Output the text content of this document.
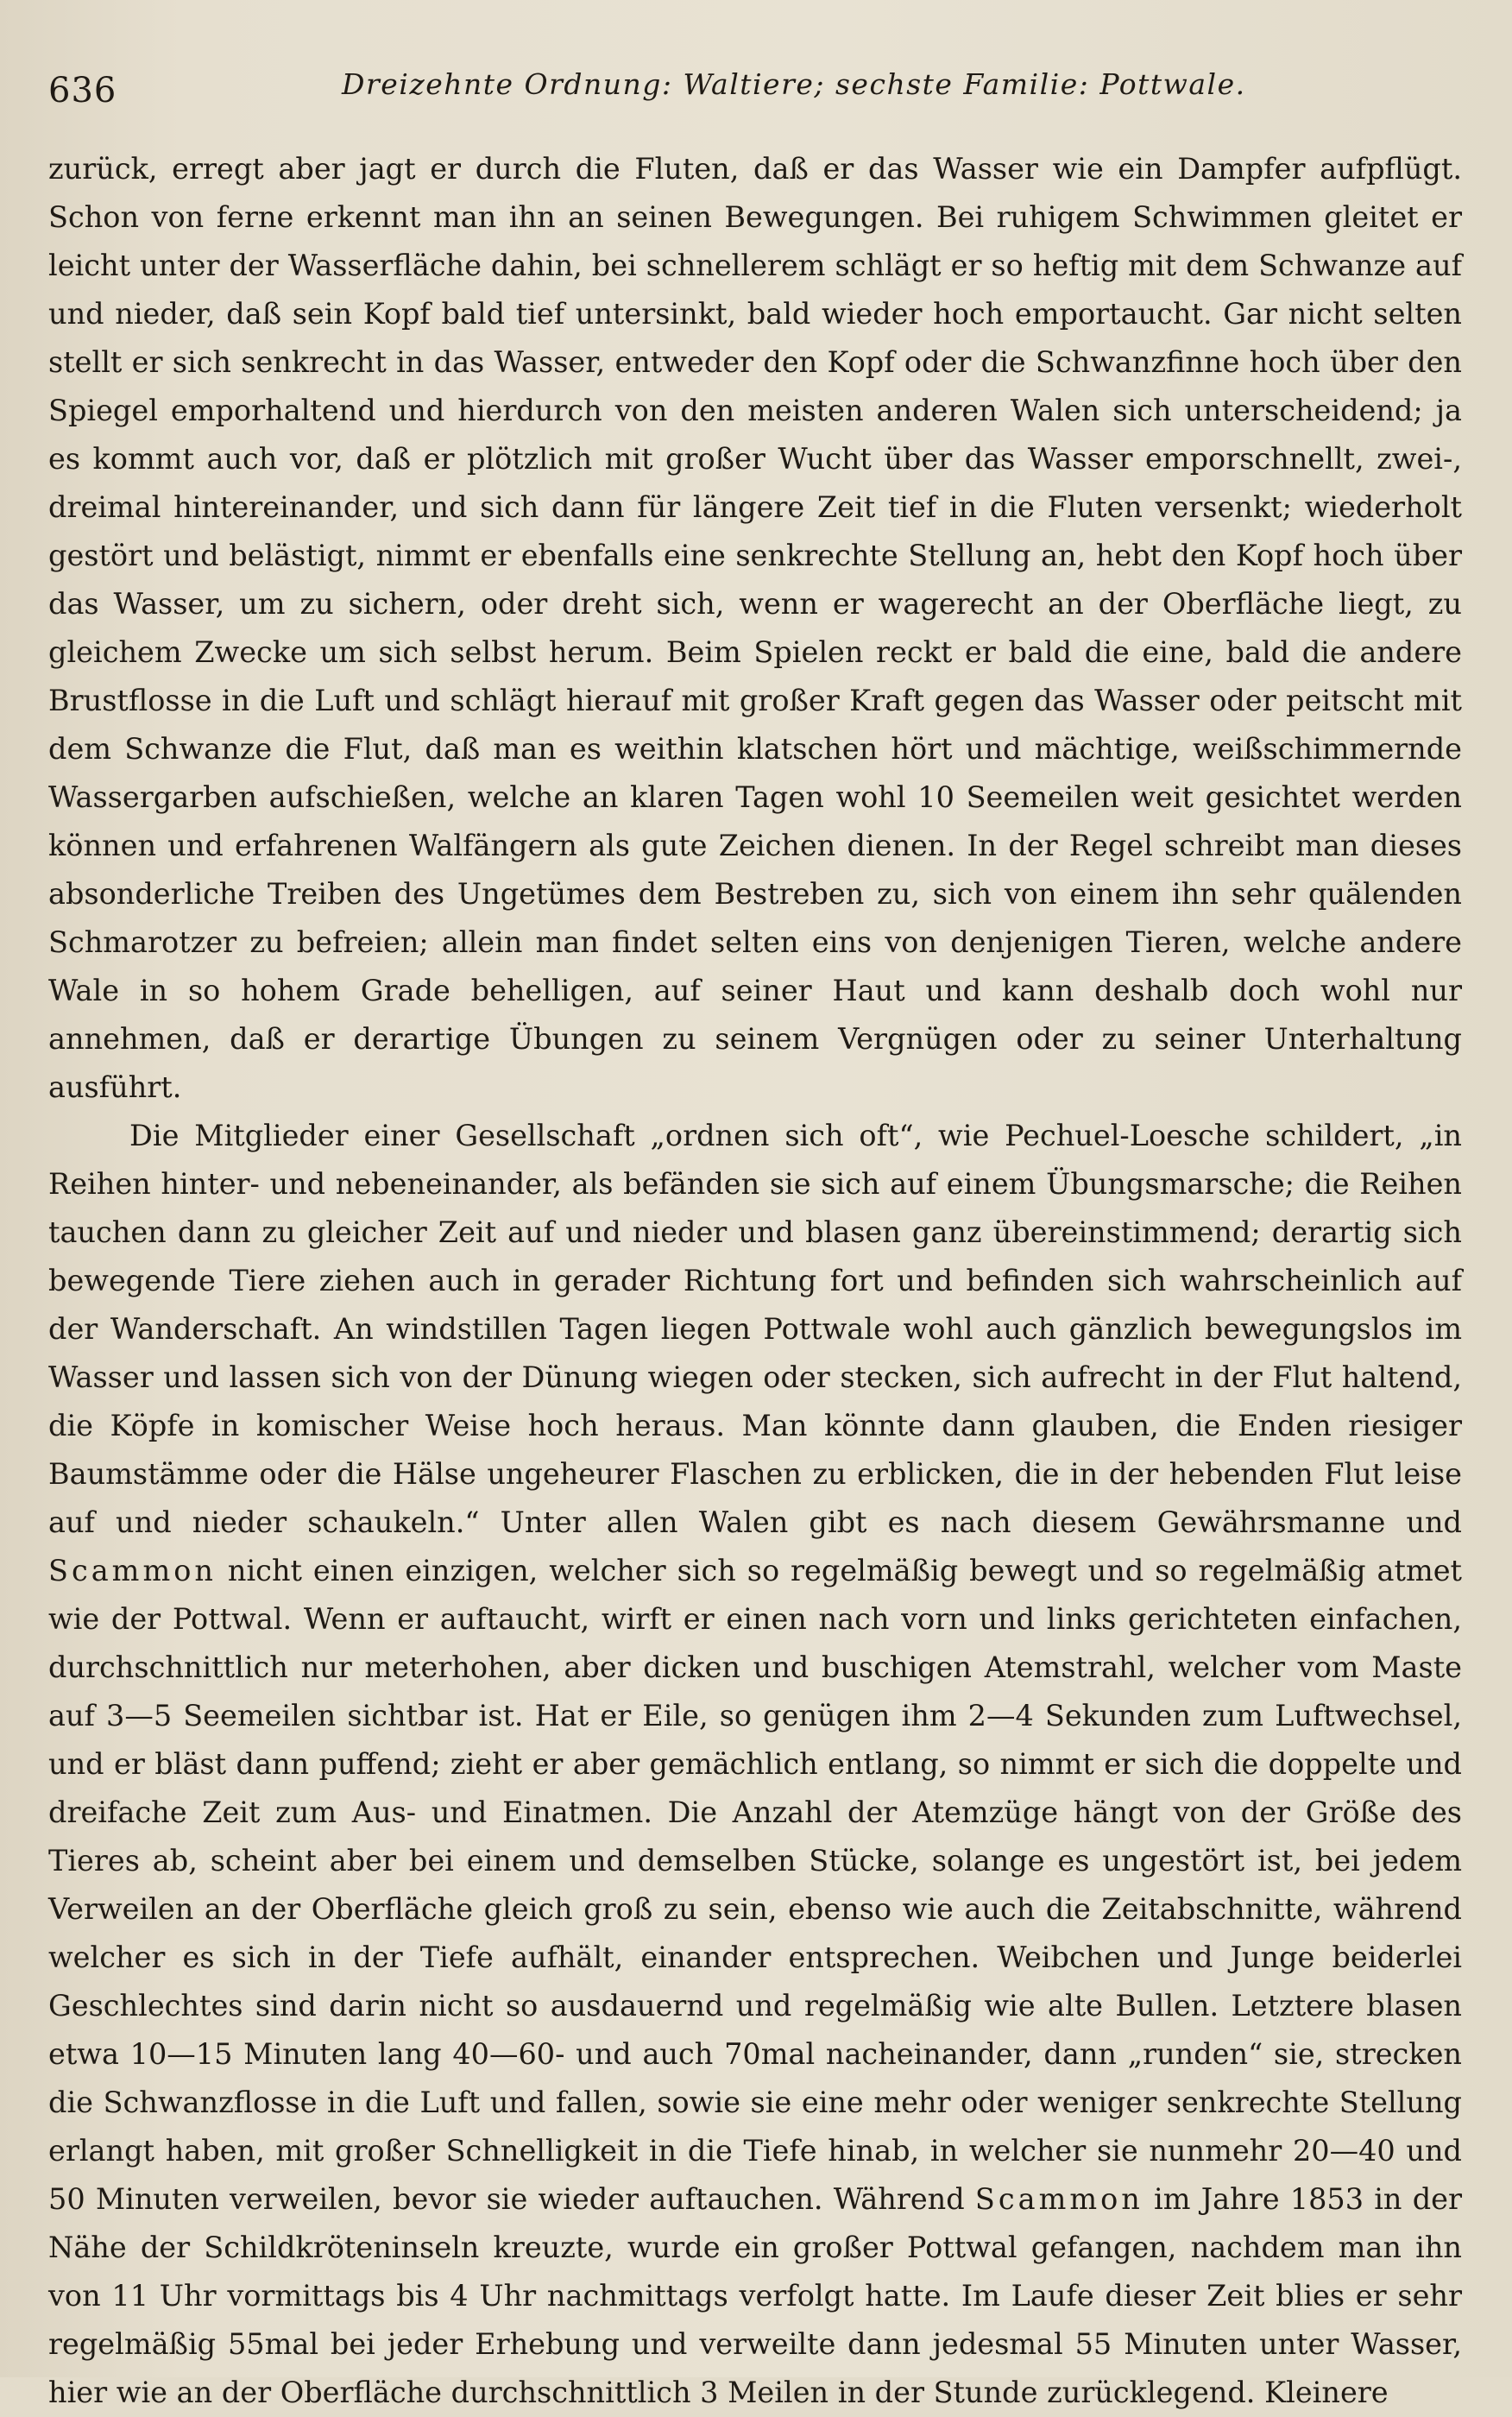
636	Dreizehnte Ordnung: Waltiere; sechste Familie: Pottwale.

zurück, erregt aber jagt er durch die Fluten, daß er das Wasser wie ein Dampfer aufpflügt. Schon von ferne erkennt man ihn an seinen Bewegungen. Bei ruhigem Schwimmen gleitet er leicht unter der Wasserfläche dahin, bei schnellerem schlägt er so heftig mit dem Schwanze auf und nieder, daß sein Kopf bald tief untersinkt, bald wieder hoch emportaucht. Gar nicht selten stellt er sich senkrecht in das Wasser, entweder den Kopf oder die Schwanzfinne hoch über den Spiegel emporhaltend und hierdurch von den meisten anderen Walen sich unterscheidend; ja es kommt auch vor, daß er plötzlich mit großer Wucht über das Wasser emporschnellt, zwei-, dreimal hintereinander, und sich dann für längere Zeit tief in die Fluten versenkt; wiederholt gestört und belästigt, nimmt er ebenfalls eine senkrechte Stellung an, hebt den Kopf hoch über das Wasser, um zu sichern, oder dreht sich, wenn er wagerecht an der Oberfläche liegt, zu gleichem Zwecke um sich selbst herum. Beim Spielen reckt er bald die eine, bald die andere Brustflosse in die Luft und schlägt hierauf mit großer Kraft gegen das Wasser oder peitscht mit dem Schwanze die Flut, daß man es weithin klatschen hört und mächtige, weißschimmernde Wassergarben aufschießen, welche an klaren Tagen wohl 10 Seemeilen weit gesichtet werden können und erfahrenen Walfängern als gute Zeichen dienen. In der Regel schreibt man dieses absonderliche Treiben des Ungetümes dem Bestreben zu, sich von einem ihn sehr quälenden Schmarotzer zu befreien; allein man findet selten eins von denjenigen Tieren, welche andere Wale in so hohem Grade behelligen, auf seiner Haut und kann deshalb doch wohl nur annehmen, daß er derartige Übungen zu seinem Vergnügen oder zu seiner Unterhaltung ausführt.

Die Mitglieder einer Gesellschaft „ordnen sich oft“, wie Pechuel-Loesche schildert, „in Reihen hinter- und nebeneinander, als befänden sie sich auf einem Übungsmarsche; die Reihen tauchen dann zu gleicher Zeit auf und nieder und blasen ganz übereinstimmend; derartig sich bewegende Tiere ziehen auch in gerader Richtung fort und befinden sich wahrscheinlich auf der Wanderschaft. An windstillen Tagen liegen Pottwale wohl auch gänzlich bewegungslos im Wasser und lassen sich von der Dünung wiegen oder stecken, sich aufrecht in der Flut haltend, die Köpfe in komischer Weise hoch heraus. Man könnte dann glauben, die Enden riesiger Baumstämme oder die Hälse ungeheurer Flaschen zu erblicken, die in der hebenden Flut leise auf und nieder schaukeln.“ Unter allen Walen gibt es nach diesem Gewährsmanne und Scammon nicht einen einzigen, welcher sich so regelmäßig bewegt und so regelmäßig atmet wie der Pottwal. Wenn er auftaucht, wirft er einen nach vorn und links gerichteten einfachen, durchschnittlich nur meterhohen, aber dicken und buschigen Atemstrahl, welcher vom Maste auf 3—5 Seemeilen sichtbar ist. Hat er Eile, so genügen ihm 2—4 Sekunden zum Luftwechsel, und er bläst dann puffend; zieht er aber gemächlich entlang, so nimmt er sich die doppelte und dreifache Zeit zum Aus- und Einatmen. Die Anzahl der Atemzüge hängt von der Größe des Tieres ab, scheint aber bei einem und demselben Stücke, solange es ungestört ist, bei jedem Verweilen an der Oberfläche gleich groß zu sein, ebenso wie auch die Zeitabschnitte, während welcher es sich in der Tiefe aufhält, einander entsprechen. Weibchen und Junge beiderlei Geschlechtes sind darin nicht so ausdauernd und regelmäßig wie alte Bullen. Letztere blasen etwa 10—15 Minuten lang 40—60- und auch 70mal nacheinander, dann „runden“ sie, strecken die Schwanzflosse in die Luft und fallen, sowie sie eine mehr oder weniger senkrechte Stellung erlangt haben, mit großer Schnelligkeit in die Tiefe hinab, in welcher sie nunmehr 20—40 und 50 Minuten verweilen, bevor sie wieder auftauchen. Während Scammon im Jahre 1853 in der Nähe der Schildkröteninseln kreuzte, wurde ein großer Pottwal gefangen, nachdem man ihn von 11 Uhr vormittags bis 4 Uhr nachmittags verfolgt hatte. Im Laufe dieser Zeit blies er sehr regelmäßig 55mal bei jeder Erhebung und verweilte dann jedesmal 55 Minuten unter Wasser, hier wie an der Oberfläche durchschnittlich 3 Meilen in der Stunde zurücklegend. Kleinere
